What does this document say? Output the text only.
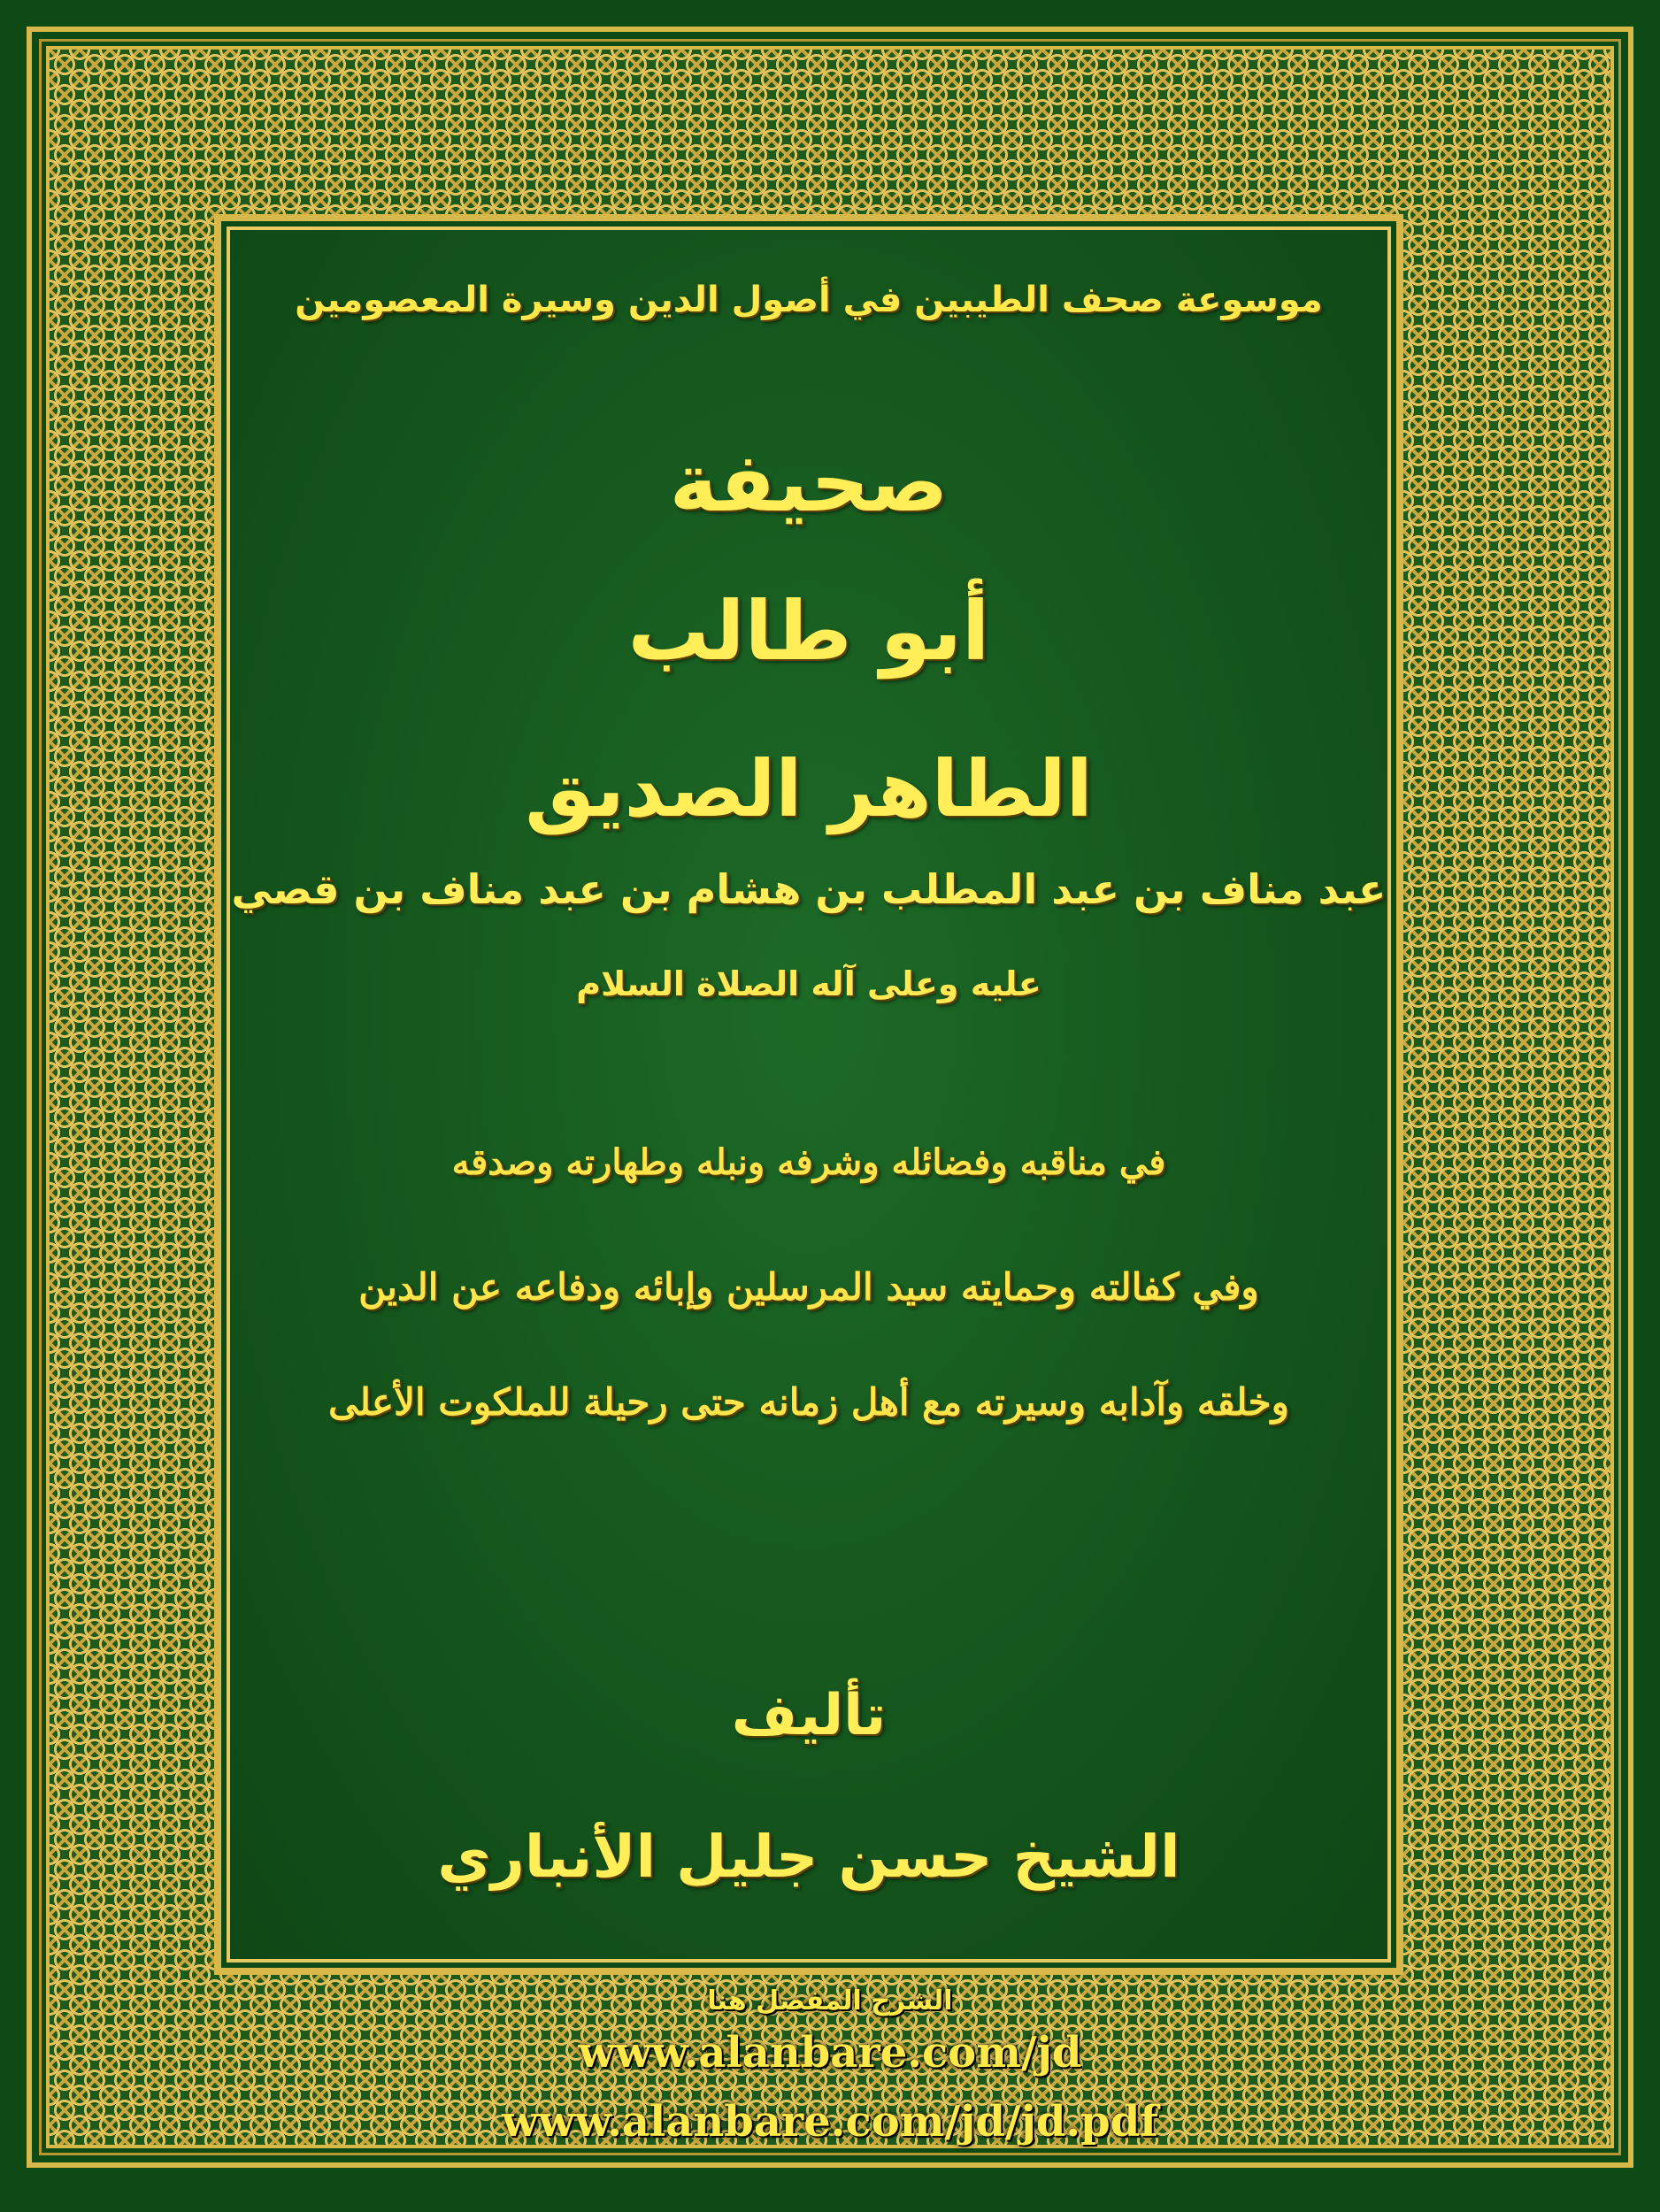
موسوعة صحف الطيبين في أصول الدين وسيرة المعصومين
صحيفة
أبو طالب
الطاهر الصديق
عبد مناف بن عبد المطلب بن هشام بن عبد مناف بن قصي
عليه وعلى آله الصلاة السلام
في مناقبه وفضائله وشرفه ونبله وطهارته وصدقه
وفي كفالته وحمايته سيد المرسلين وإبائه ودفاعه عن الدين
وخلقه وآدابه وسيرته مع أهل زمانه حتى رحيلة للملكوت الأعلى
تأليف
الشيخ حسن جليل الأنباري
الشرح المفصل هنا
www.alanbare.com/jd
www.alanbare.com/jd/jd.pdf
